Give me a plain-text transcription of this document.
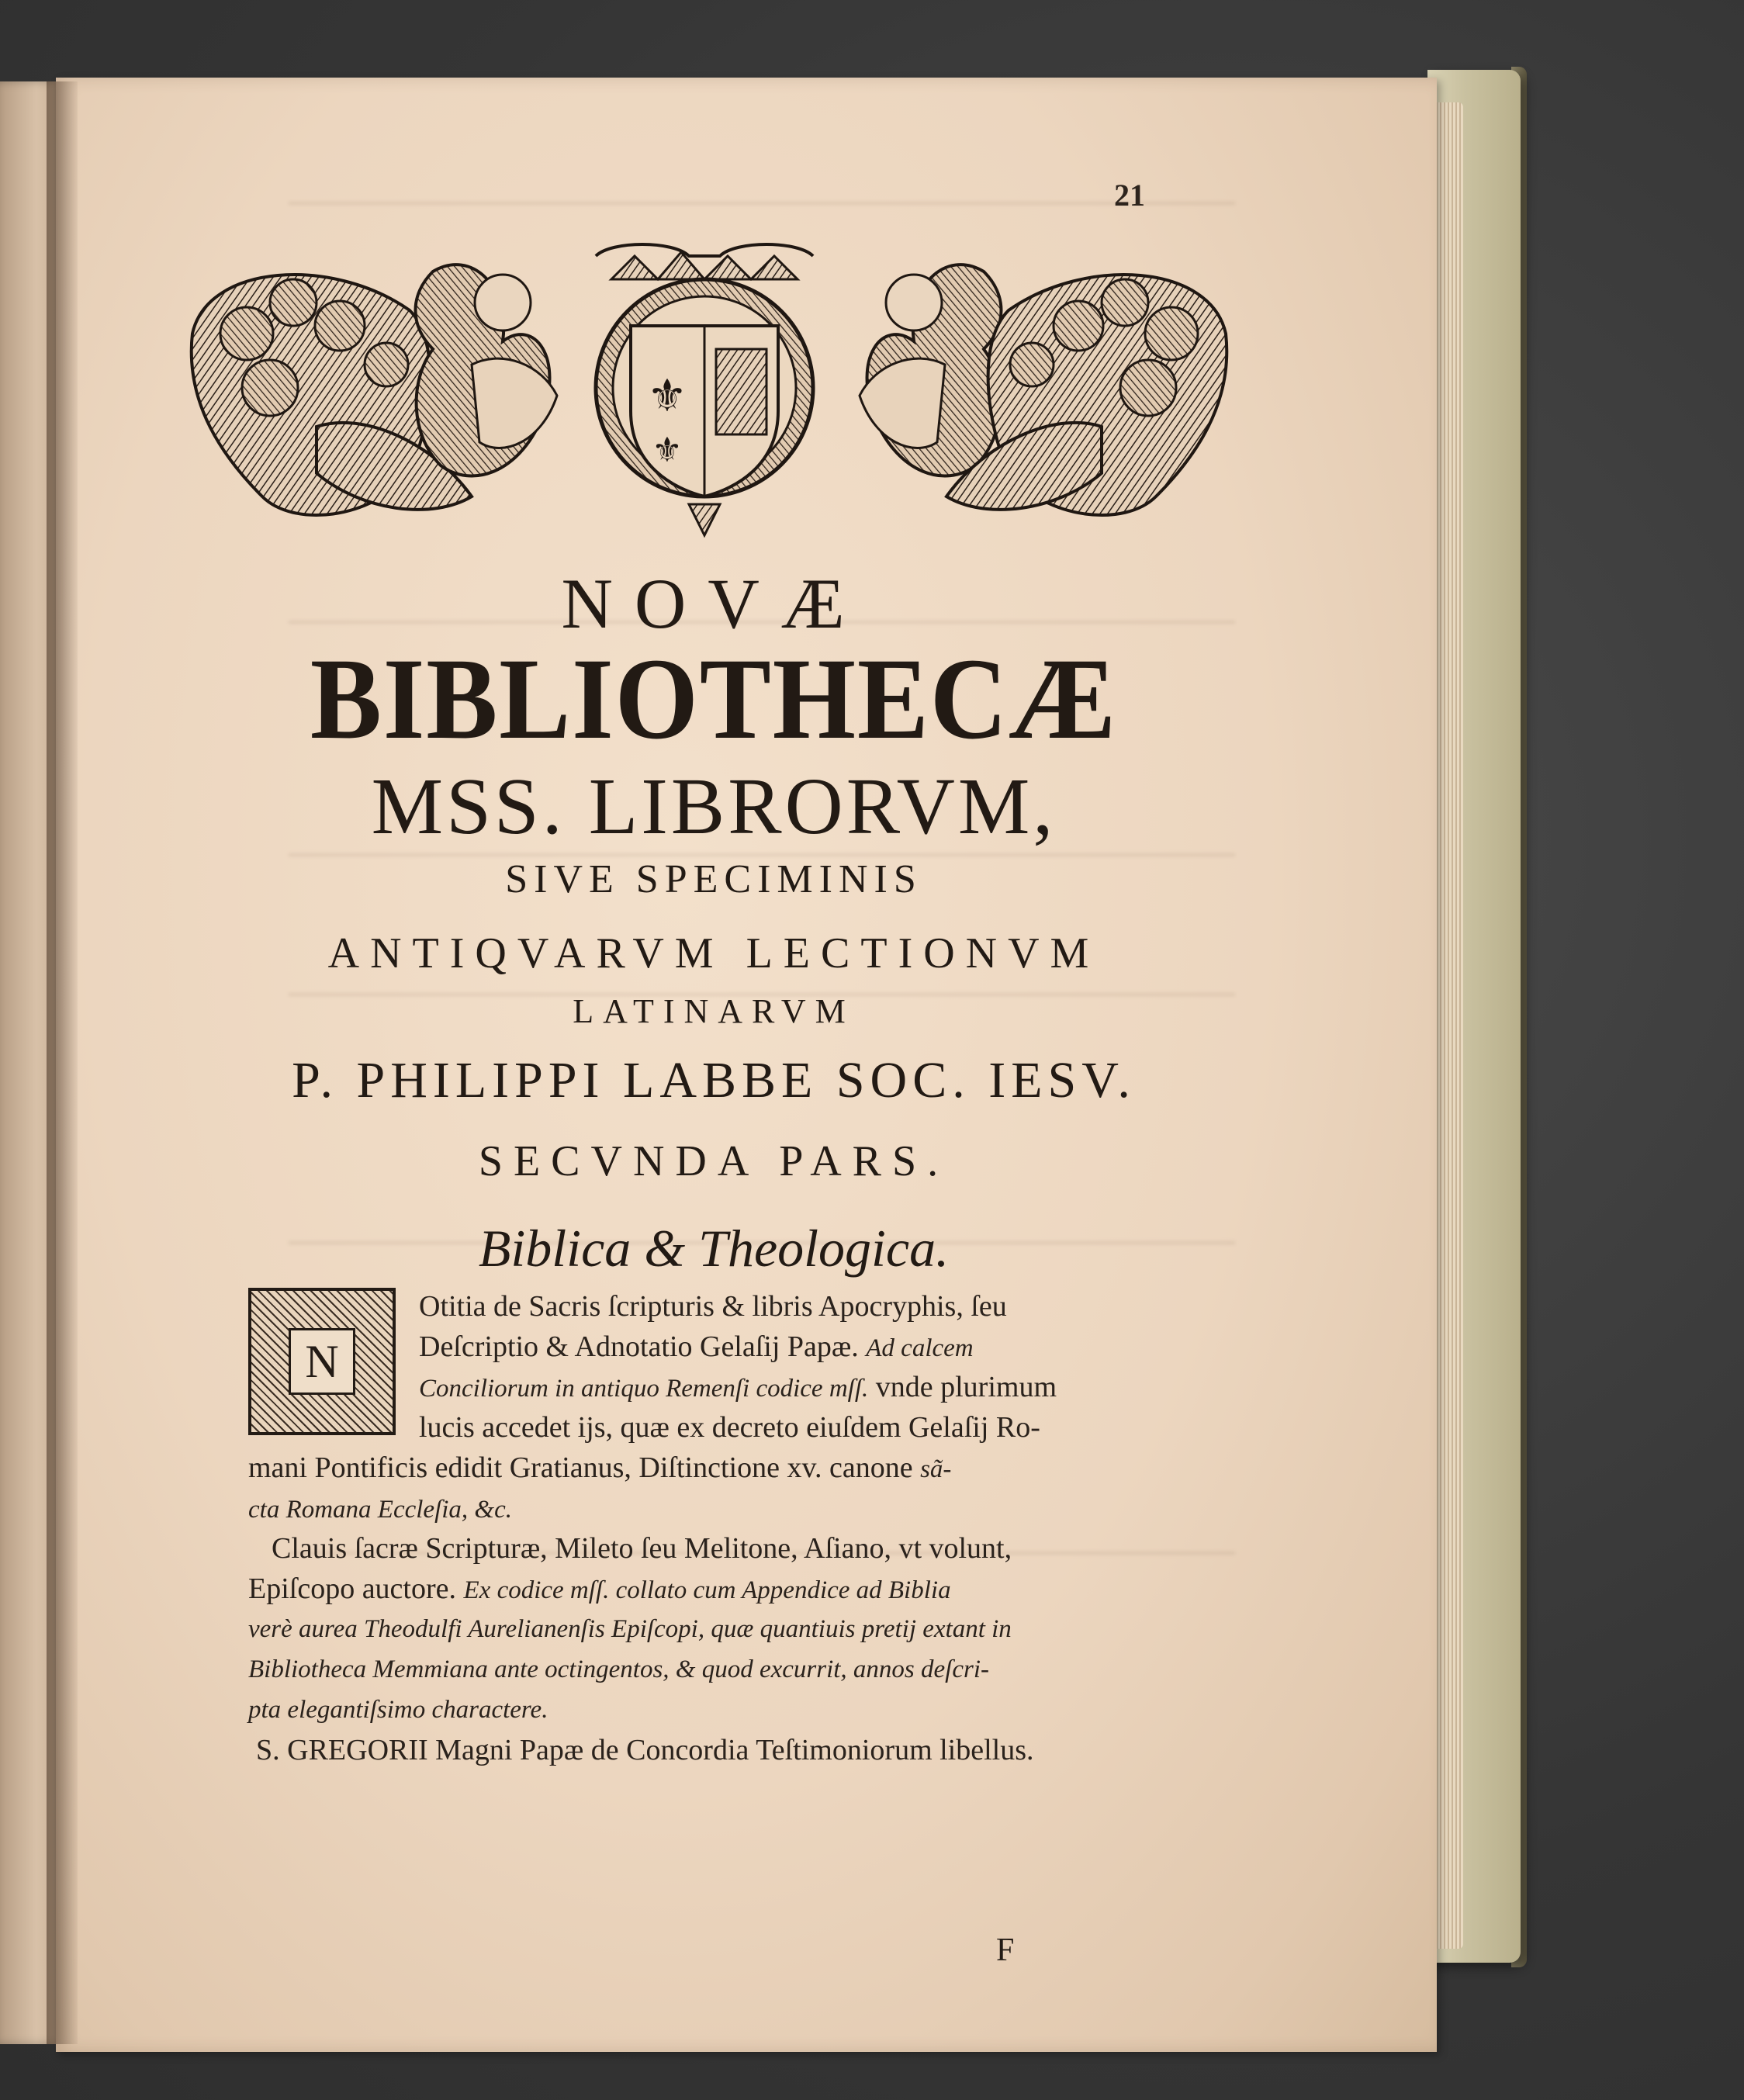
21
⚜
⚜
NOVÆ
BIBLIOTHECÆ
MSS. LIBRORVM,
SIVE SPECIMINIS
ANTIQVARVM LECTIONVM
LATINARVM
P. PHILIPPI LABBE SOC. IESV.
SECVNDA PARS.
Biblica & Theologica.
N
Otitia de Sacris ſcripturis & libris Apocryphis, ſeu
Deſcriptio & Adnotatio Gelaſij Papæ. Ad calcem
Conciliorum in antiquo Remenſi codice mſſ. vnde plurimum
lucis accedet ijs, quæ ex decreto eiuſdem Gelaſij Ro-
mani Pontificis edidit Gratianus, Diſtinctione xv. canone sã-
cta Romana Eccleſia, &c.
Clauis ſacræ Scripturæ, Mileto ſeu Melitone, Aſiano, vt volunt,
Epiſcopo auctore. Ex codice mſſ. collato cum Appendice ad Biblia
verè aurea Theodulfi Aurelianenſis Epiſcopi, quæ quantiuis pretij extant in
Bibliotheca Memmiana ante octingentos, & quod excurrit, annos deſcri-
pta elegantiſsimo charactere.
S. GREGORII Magni Papæ de Concordia Teſtimoniorum libellus.
F
